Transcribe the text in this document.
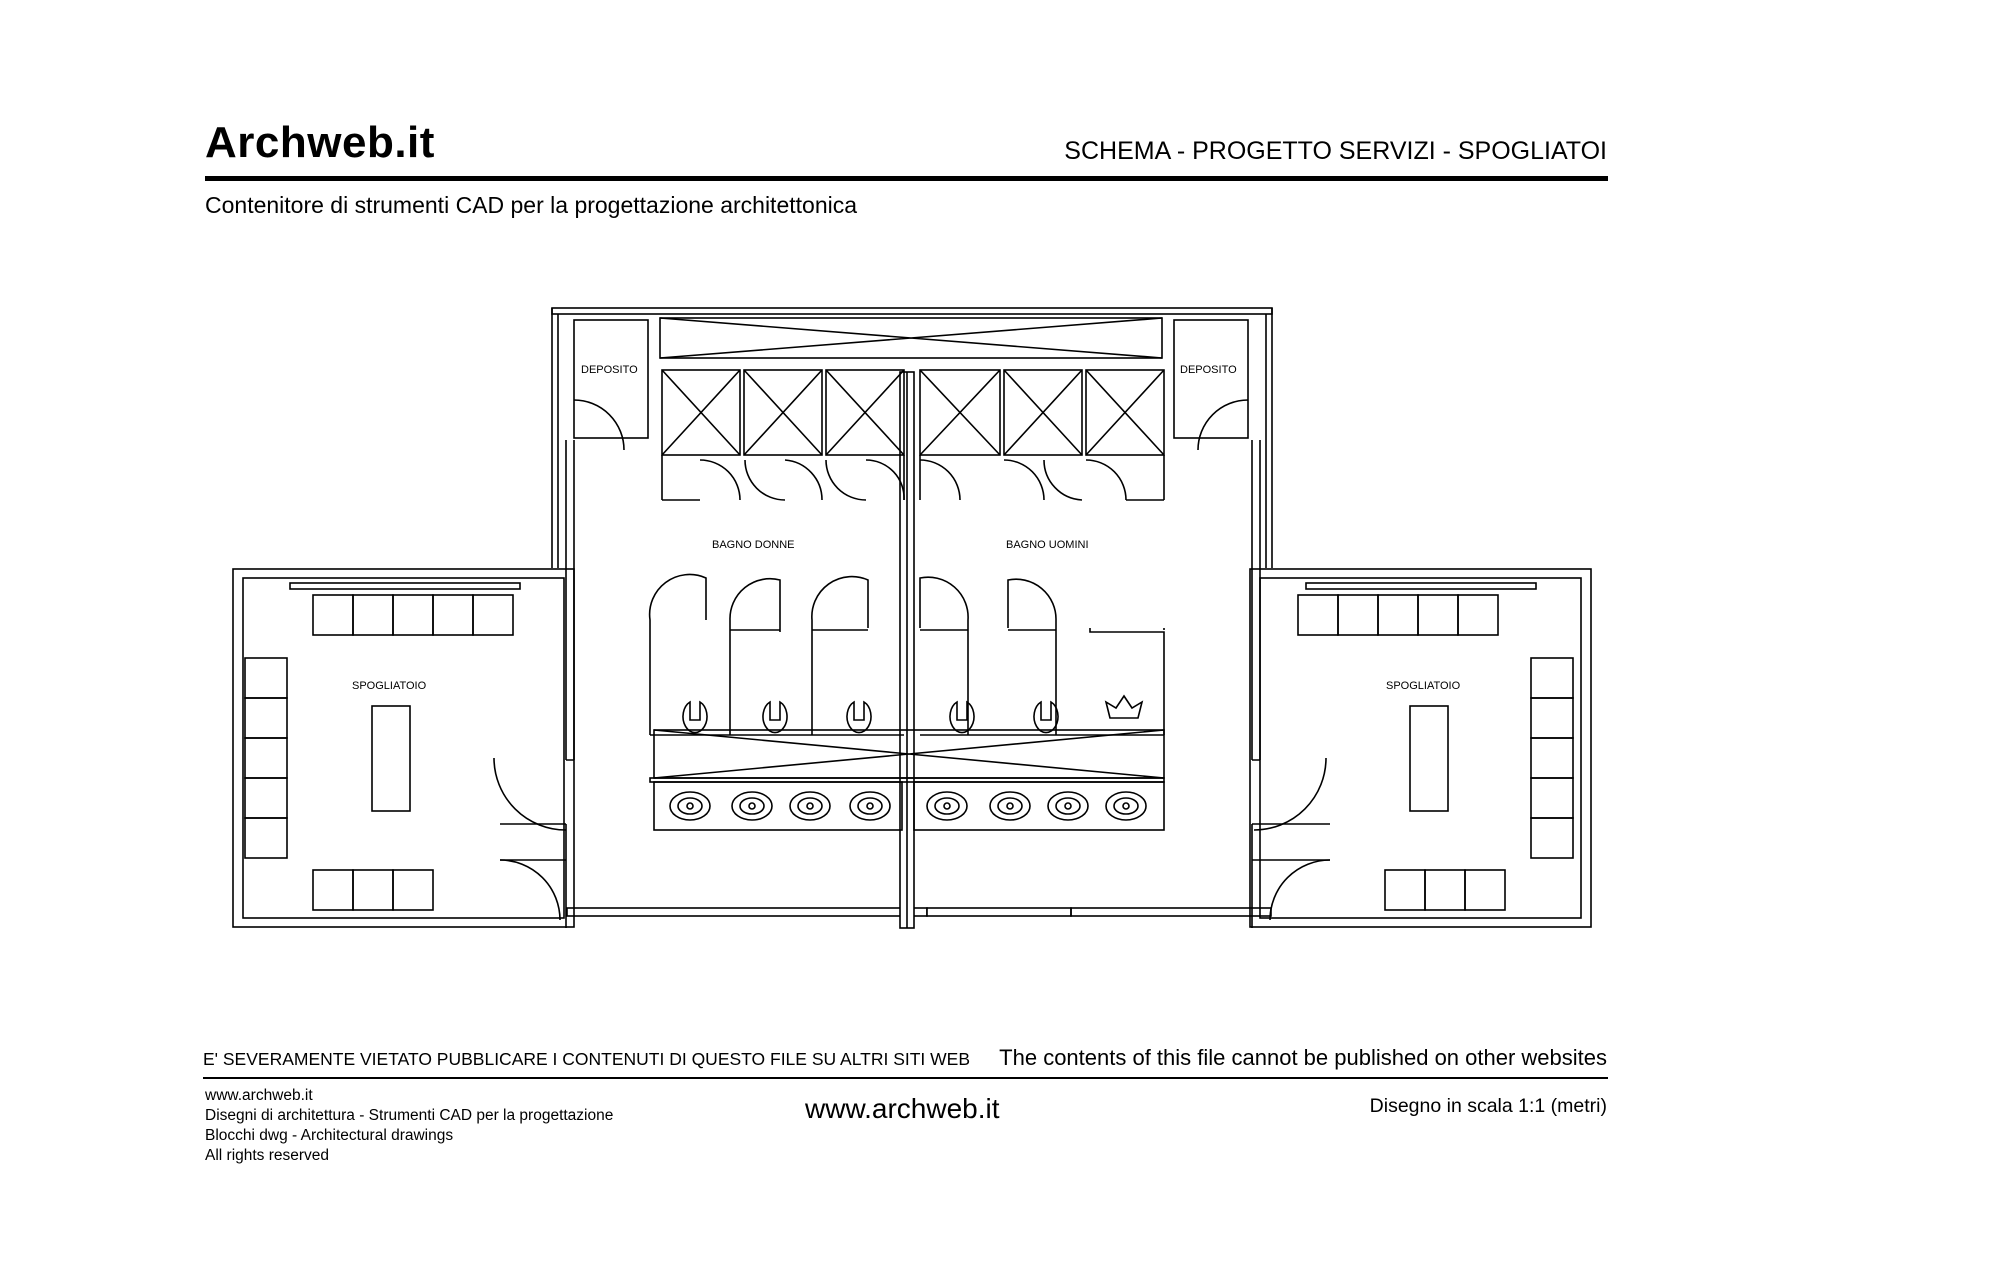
Archweb.it	SCHEMA - PROGETTO SERVIZI - SPOGLIATOI
Contenitore di strumenti CAD per la progettazione architettonica
DEPOSITO	DEPOSITO
BAGNO DONNE	BAGNO UOMINI
SPOGLIATOIO	SPOGLIATOIO
E' SEVERAMENTE VIETATO PUBBLICARE I CONTENUTI DI QUESTO FILE SU ALTRI SITI WEB The contents of this file cannot be published on other websites
www.archweb.it
Disegni di architettura - Strumenti CAD per la progettazione
Blocchi dwg - Architectural drawings
All rights reserved
www.archweb.it	Disegno in scala 1:1 (metri)
